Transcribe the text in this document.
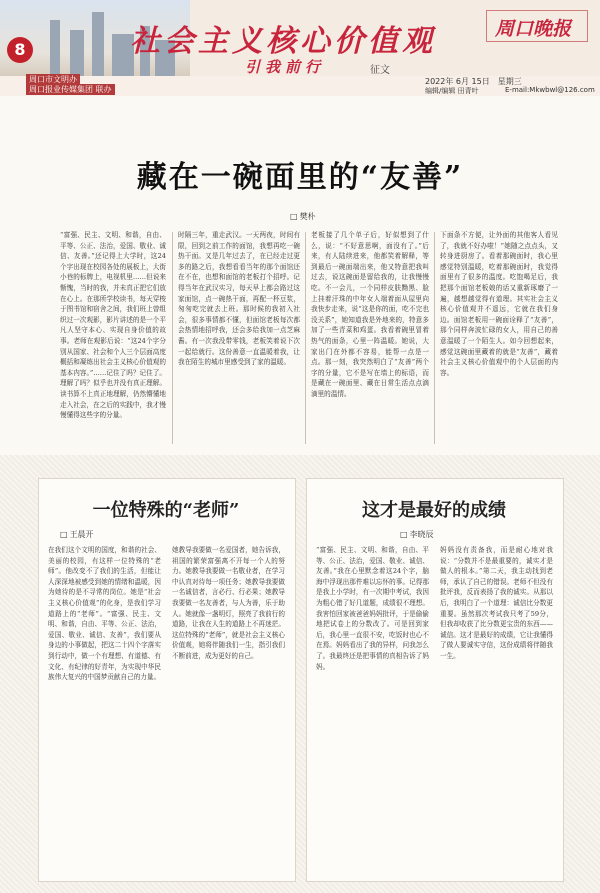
8
周口市文明办
周口报业传媒集团 联办
社会主义核心价值观
引我前行	征文
周口晚报
2022年 6月 15日　星期三
编辑/编辑 田青叶	E-mail:Mkwbwl@126.com
藏在一碗面里的“友善”
□ 樊朴

“富强、民主、文明、和谐，自由、平等、公正、法治，爱国、敬业、诚信、友善。”还记得上大学时，这24个字出现在校园各处的展板上，大街小巷的标牌上，电视机里……但说来惭愧，当时的我，并未真正把它们放在心上。在那所学校读书，每天穿梭于图书馆和宿舍之间，我们班上曾组织过一次观影，影片讲述的是一个平凡人坚守本心、实现自身价值的故事。老师在观影后说：“这24个字分别从国家、社会和个人三个层面高度概括和凝练出社会主义核心价值观的基本内容。”……记住了吗？记住了。理解了吗？似乎也并没有真正理解。读书算不上真正地理解，仍然懵懂地走入社会，在之后的实践中，我才慢慢懂得这些字的分量。

时隔三年，重走武汉。一天两夜，时间有限，回到之前工作的面馆，我想再吃一碗热干面。又是几年过去了，在已经走过更多的路之后，我想看看当年的那个面馆还在不在，也想和面馆的老板打个招呼。记得当年在武汉实习，每天早上都会路过这家面馆，点一碗热干面，再配一杯豆浆，匆匆吃完就去上班。那时候的我初入社会，很多事情都不懂，但面馆老板每次都会热情地招呼我，还会多给我加一点芝麻酱。有一次我没带零钱，老板笑着说下次一起给就行。这份善意一直温暖着我，让我在陌生的城市里感受到了家的温暖。

老板接了几个单子后，好似想到了什么，说：“不好意思啊，面没有了。”后来，有人陆续进来，他都笑着解释，等到最后一碗面端出来，他又特意把我叫过去，说这碗面是留给我的，让我慢慢吃。不一会儿，一个同样皮肤黝黑、脸上挂着汗珠的中年女人端着面从屋里向我快步走来，说“这是你的面，吃不完也没关系”，她知道我是外地来的，特意多加了一些青菜和鸡蛋。我看着碗里冒着热气的面条，心里一阵温暖。她说，大家出门在外都不容易，能帮一点是一点。那一刻，我突然明白了“友善”两个字的分量，它不是写在墙上的标语，而是藏在一碗面里、藏在日常生活点点滴滴里的温情。

下面条不方便，让外面的其他客人看见了，我就不好办啦！”她随之点点头，又转身进厨房了。看着那碗面时，我心里感觉特别温暖，吃着那碗面时，我觉得面里有了很多的温度。吃饱喝足后，我把那个面馆老板娘的话又重新琢磨了一遍，越想越觉得有道理。其实社会主义核心价值观并不遥远，它就在我们身边。面馆老板用一碗面诠释了“友善”，那个同样奔波忙碌的女人，用自己的善意温暖了一个陌生人。如今回想起来，感觉这碗面里藏着的就是“友善”，藏着社会主义核心价值观中的个人层面的内容。

一位特殊的“老师”
□ 王晨开

在我们这个文明的国度，和谐的社会、美丽的校园，有这样一位特殊的“老师”。他改变不了我们的生活，但能让人深深地被感受到她的情绪和温暖，因为她待的是不寻常的岗位。她是“社会主义核心价值观”的化身，是我们学习道路上的“老师”。“富强、民主、文明、和谐，自由、平等、公正、法治，爱国、敬业、诚信、友善”，我们要从身边的小事做起，把这二十四个字落实到行动中，做一个有理想、有道德、有文化、有纪律的好青年，为实现中华民族伟大复兴的中国梦贡献自己的力量。

她教导我要做一名爱国者，她告诉我，祖国的繁荣富强离不开每一个人的努力。她教导我要做一名敬业者，在学习中认真对待每一项任务；她教导我要做一名诚信者，言必行、行必果；她教导我要做一名友善者，与人为善，乐于助人。她就像一盏明灯，照亮了我前行的道路，让我在人生的道路上不再迷茫。这位特殊的“老师”，就是社会主义核心价值观，她将伴随我们一生，指引我们不断前进，成为更好的自己。

这才是最好的成绩
□ 李晓辰

“富强、民主、文明、和谐，自由、平等、公正、法治，爱国、敬业、诚信、友善。”我在心里默念着这24个字，脑海中浮现出那件难以忘怀的事。记得那是我上小学时，有一次期中考试，我因为粗心错了好几道题，成绩很不理想。我害怕回家被爸爸妈妈批评，于是偷偷地把试卷上的分数改了。可是回到家后，我心里一直很不安，吃饭时也心不在焉。妈妈看出了我的异样，问我怎么了。我最终还是把事情的真相告诉了妈妈。

妈妈没有责备我，而是耐心地对我说：“分数并不是最重要的，诚实才是做人的根本。”第二天，我主动找到老师，承认了自己的错误。老师不但没有批评我，反而表扬了我的诚实。从那以后，我明白了一个道理：诚信比分数更重要。虽然那次考试我只考了59分，但我却收获了比分数更宝贵的东西——诚信。这才是最好的成绩，它让我懂得了做人要诚实守信，这份成绩将伴随我一生。
